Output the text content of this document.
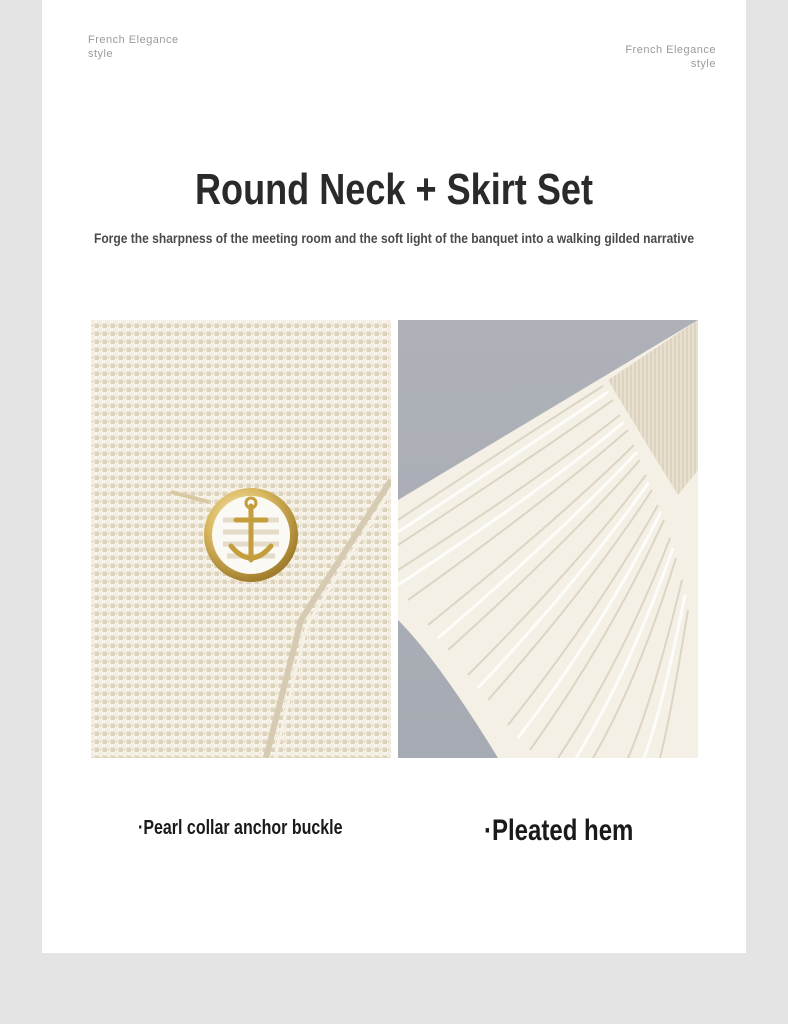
French Elegance
style	French Elegance
style
Round Neck + Skirt Set
Forge the sharpness of the meeting room and the soft light of the banquet into a walking gilded narrative
·Pearl collar anchor buckle	·Pleated hem
